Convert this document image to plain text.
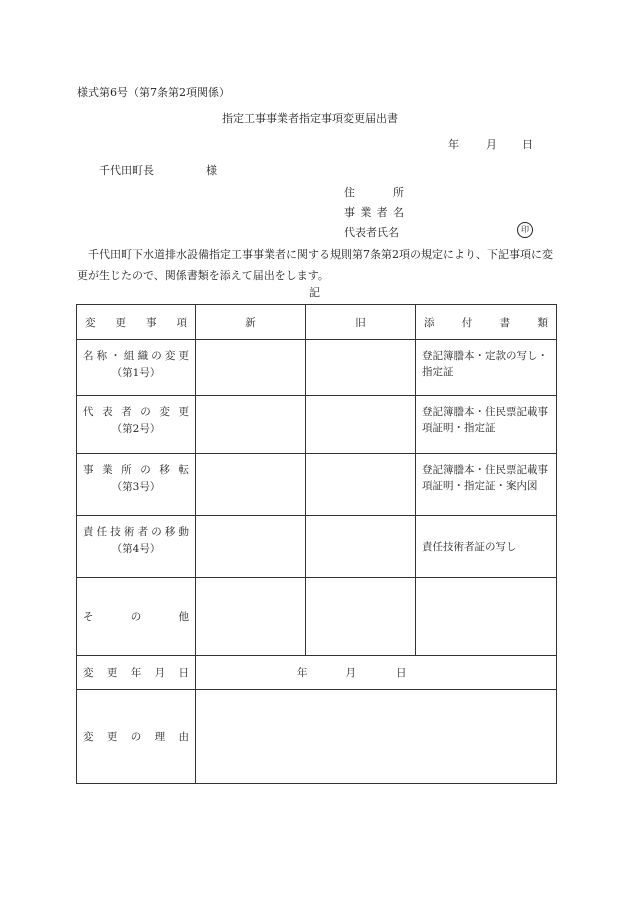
様式第6号（第7条第2項関係）
指定工事事業者指定事項変更届出書
年 月 日
千代田町長	様
住所
事業者名
代表者氏名	印
千代田町下水道排水設備指定工事事業者に関する規則第7条第2項の規定により、下記事項に変更が生じたので、関係書類を添えて届出をします。
記
変更事項	新	旧	添付書類

名称・組織の変更
（第1号）			登記簿謄本・定款の写し・指定証

代表者の変更
（第2号）			登記簿謄本・住民票記載事項証明・指定証

事業所の移転
（第3号）			登記簿謄本・住民票記載事項証明・指定証・案内図

責任技術者の移動
（第4号）			責任技術者証の写し

その他			

変更年月日	年 月 日		

変更の理由			
